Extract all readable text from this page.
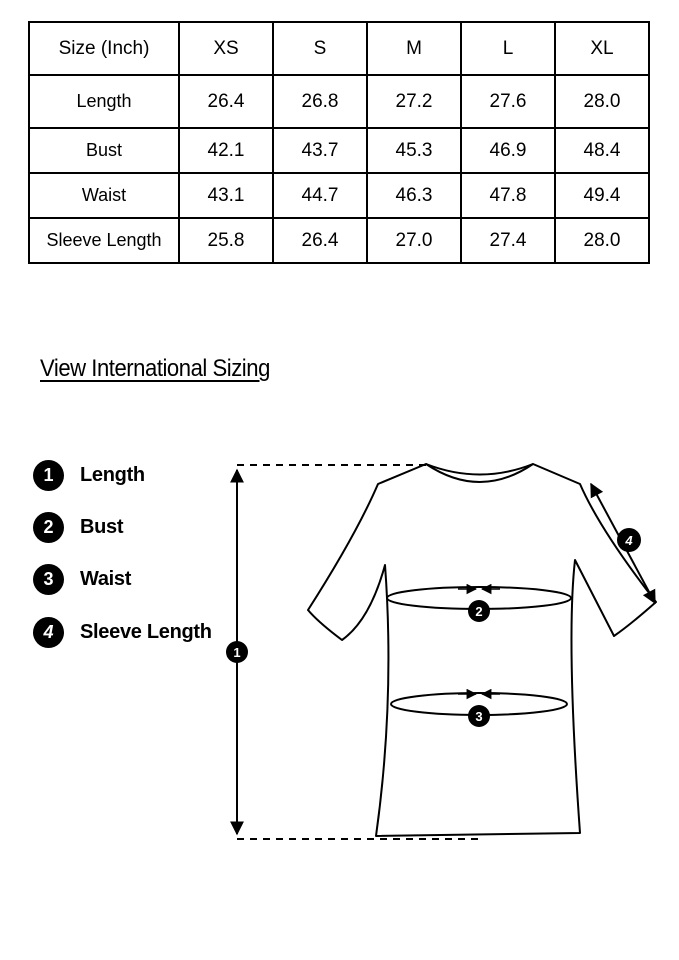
Size (Inch)	XS	S	M	L	XL
Length	26.4	26.8	27.2	27.6	28.0
Bust	42.1	43.7	45.3	46.9	48.4
Waist	43.1	44.7	46.3	47.8	49.4
Sleeve Length	25.8	26.4	27.0	27.4	28.0
View International Sizing
1	Length
2	Bust
3	Waist
4	Sleeve Length
1
2
3
4
